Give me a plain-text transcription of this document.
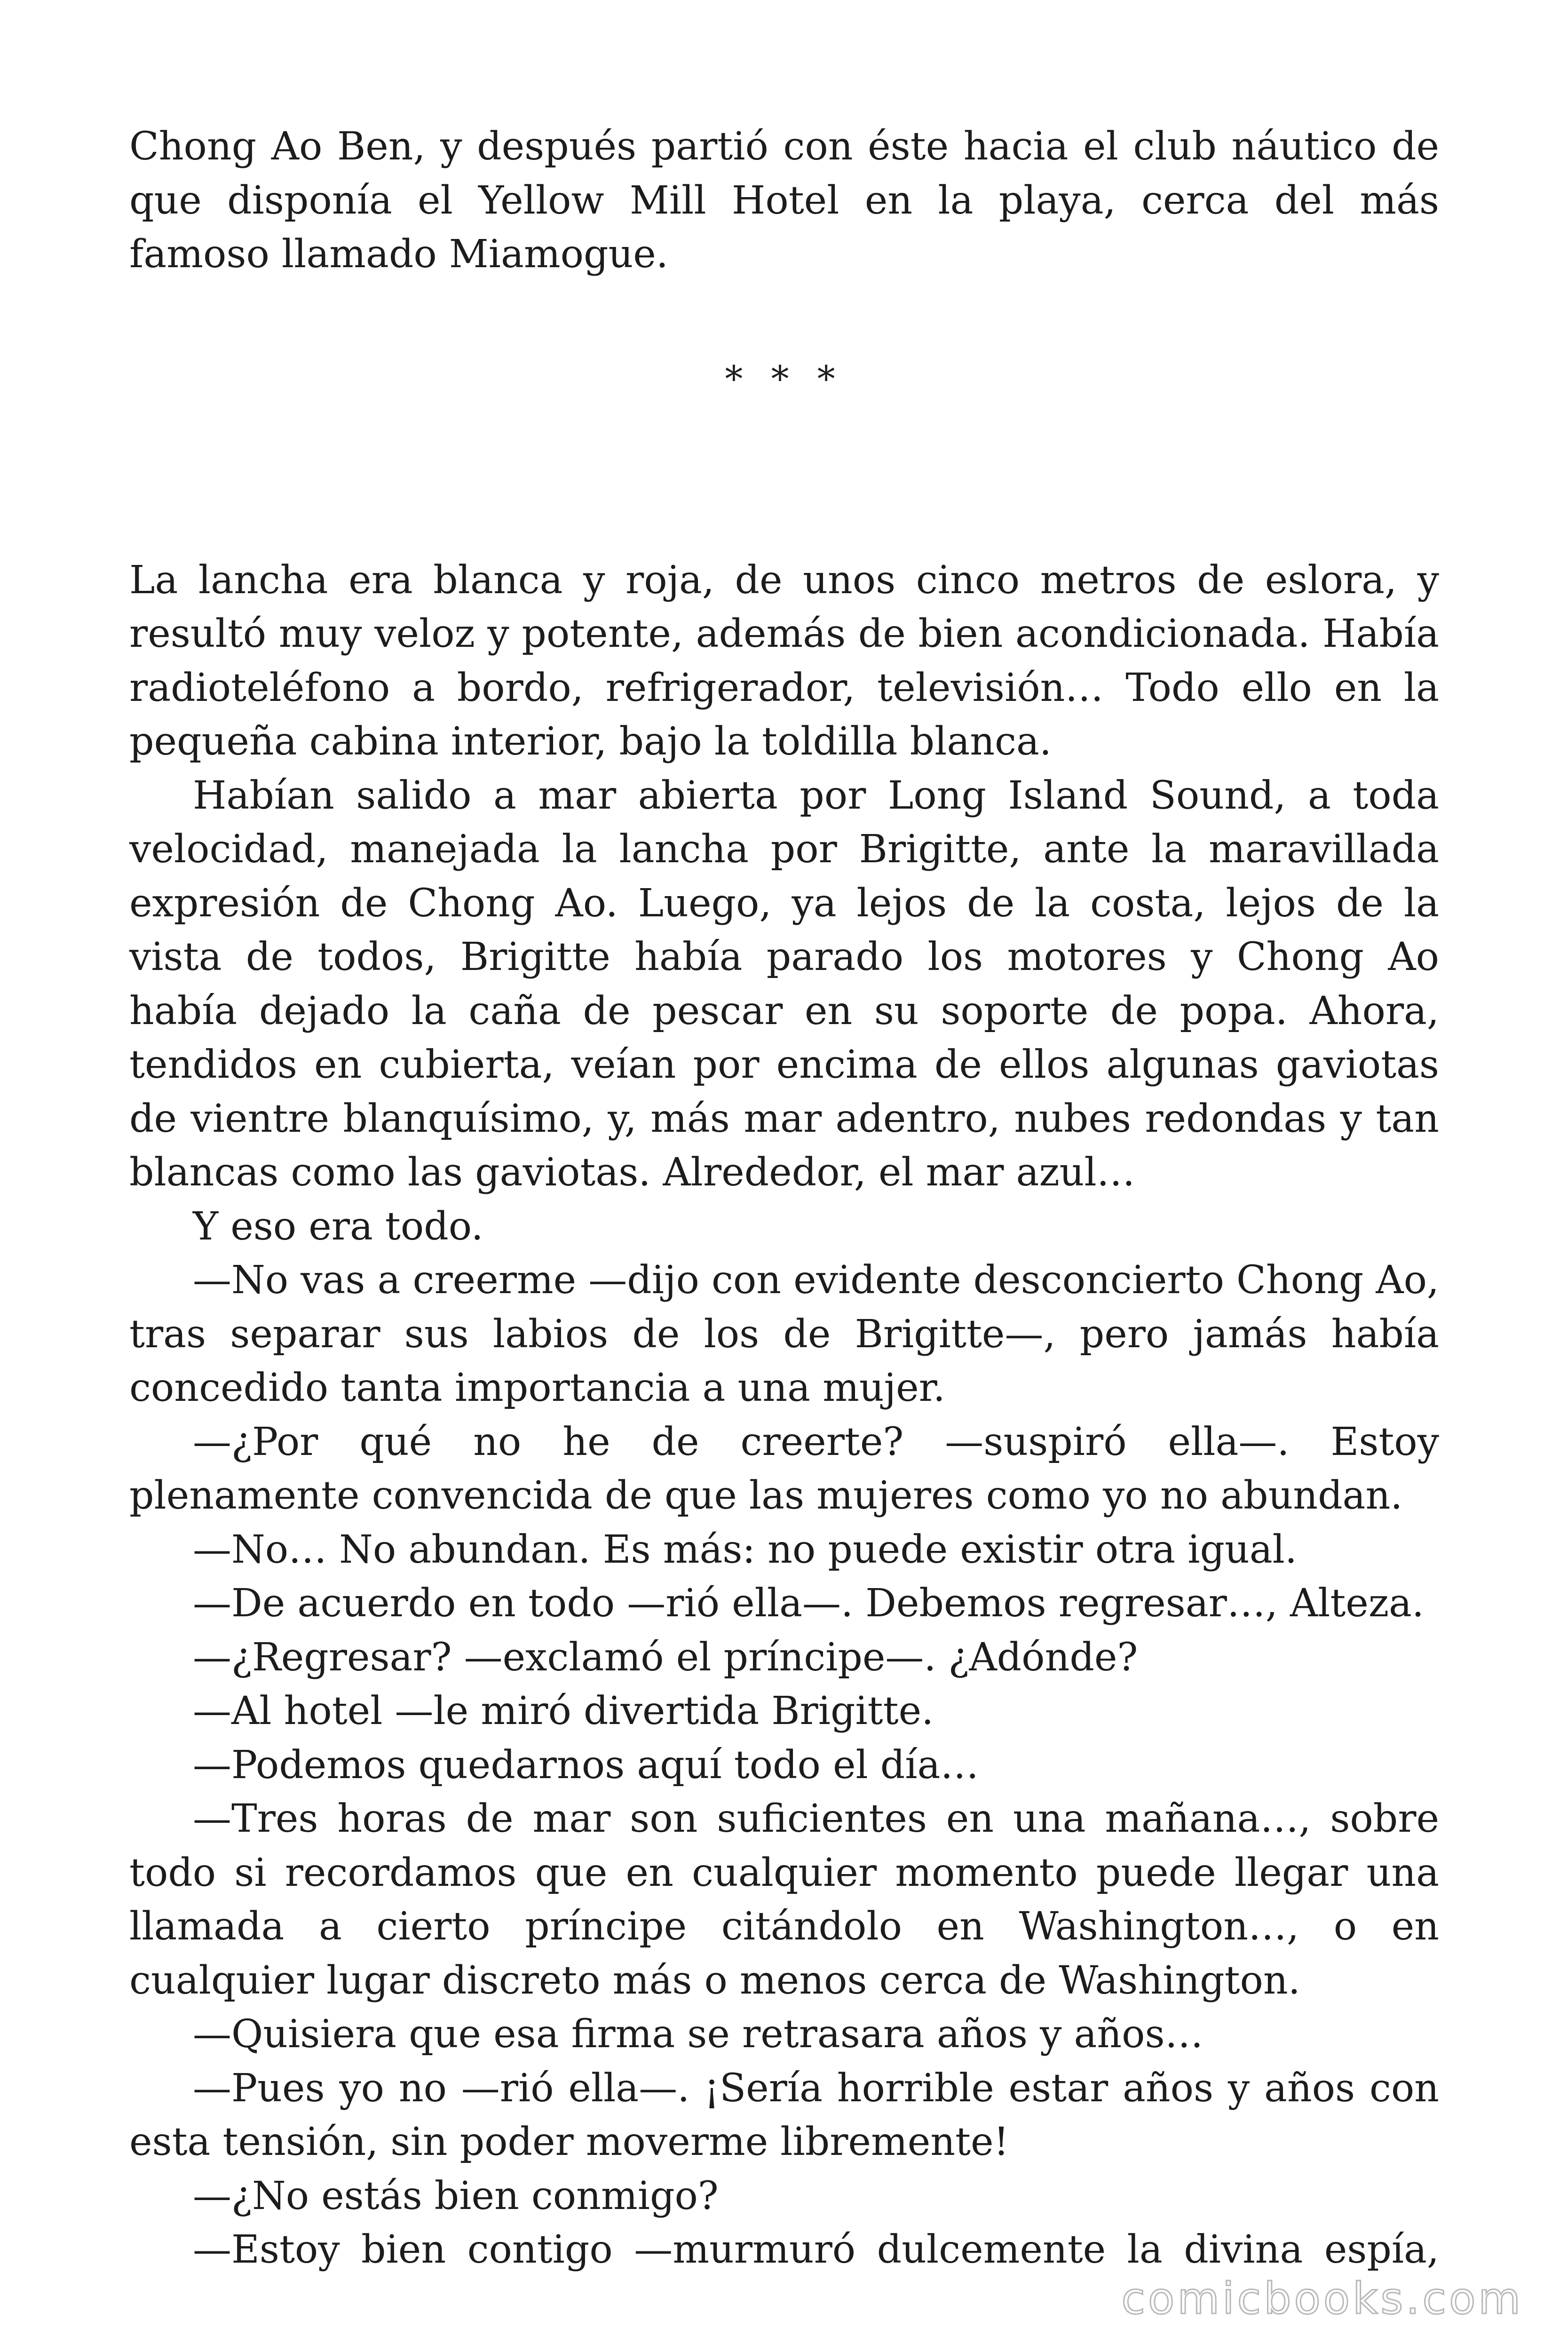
Chong Ao Ben, y después partió con éste hacia el club náutico de que disponía el Yellow Mill Hotel en la playa, cerca del más famoso llamado Miamogue.

* * *

La lancha era blanca y roja, de unos cinco metros de eslora, y resultó muy veloz y potente, además de bien acondicionada. Había radioteléfono a bordo, refrigerador, televisión… Todo ello en la pequeña cabina interior, bajo la toldilla blanca.

Habían salido a mar abierta por Long Island Sound, a toda velocidad, manejada la lancha por Brigitte, ante la maravillada expresión de Chong Ao. Luego, ya lejos de la costa, lejos de la vista de todos, Brigitte había parado los motores y Chong Ao había dejado la caña de pescar en su soporte de popa. Ahora, tendidos en cubierta, veían por encima de ellos algunas gaviotas de vientre blanquísimo, y, más mar adentro, nubes redondas y tan blancas como las gaviotas. Alrededor, el mar azul…

Y eso era todo.

—No vas a creerme —dijo con evidente desconcierto Chong Ao, tras separar sus labios de los de Brigitte—, pero jamás había concedido tanta importancia a una mujer.

—¿Por qué no he de creerte? —suspiró ella—. Estoy plenamente convencida de que las mujeres como yo no abundan.

—No… No abundan. Es más: no puede existir otra igual.

—De acuerdo en todo —rió ella—. Debemos regresar…, Alteza.

—¿Regresar? —exclamó el príncipe—. ¿Adónde?

—Al hotel —le miró divertida Brigitte.

—Podemos quedarnos aquí todo el día…

—Tres horas de mar son suficientes en una mañana…, sobre todo si recordamos que en cualquier momento puede llegar una llamada a cierto príncipe citándolo en Washington…, o en cualquier lugar discreto más o menos cerca de Washington.

—Quisiera que esa firma se retrasara años y años…

—Pues yo no —rió ella—. ¡Sería horrible estar años y años con esta tensión, sin poder moverme libremente!

—¿No estás bien conmigo?

—Estoy bien contigo —murmuró dulcemente la divina espía,

comicbooks.com
